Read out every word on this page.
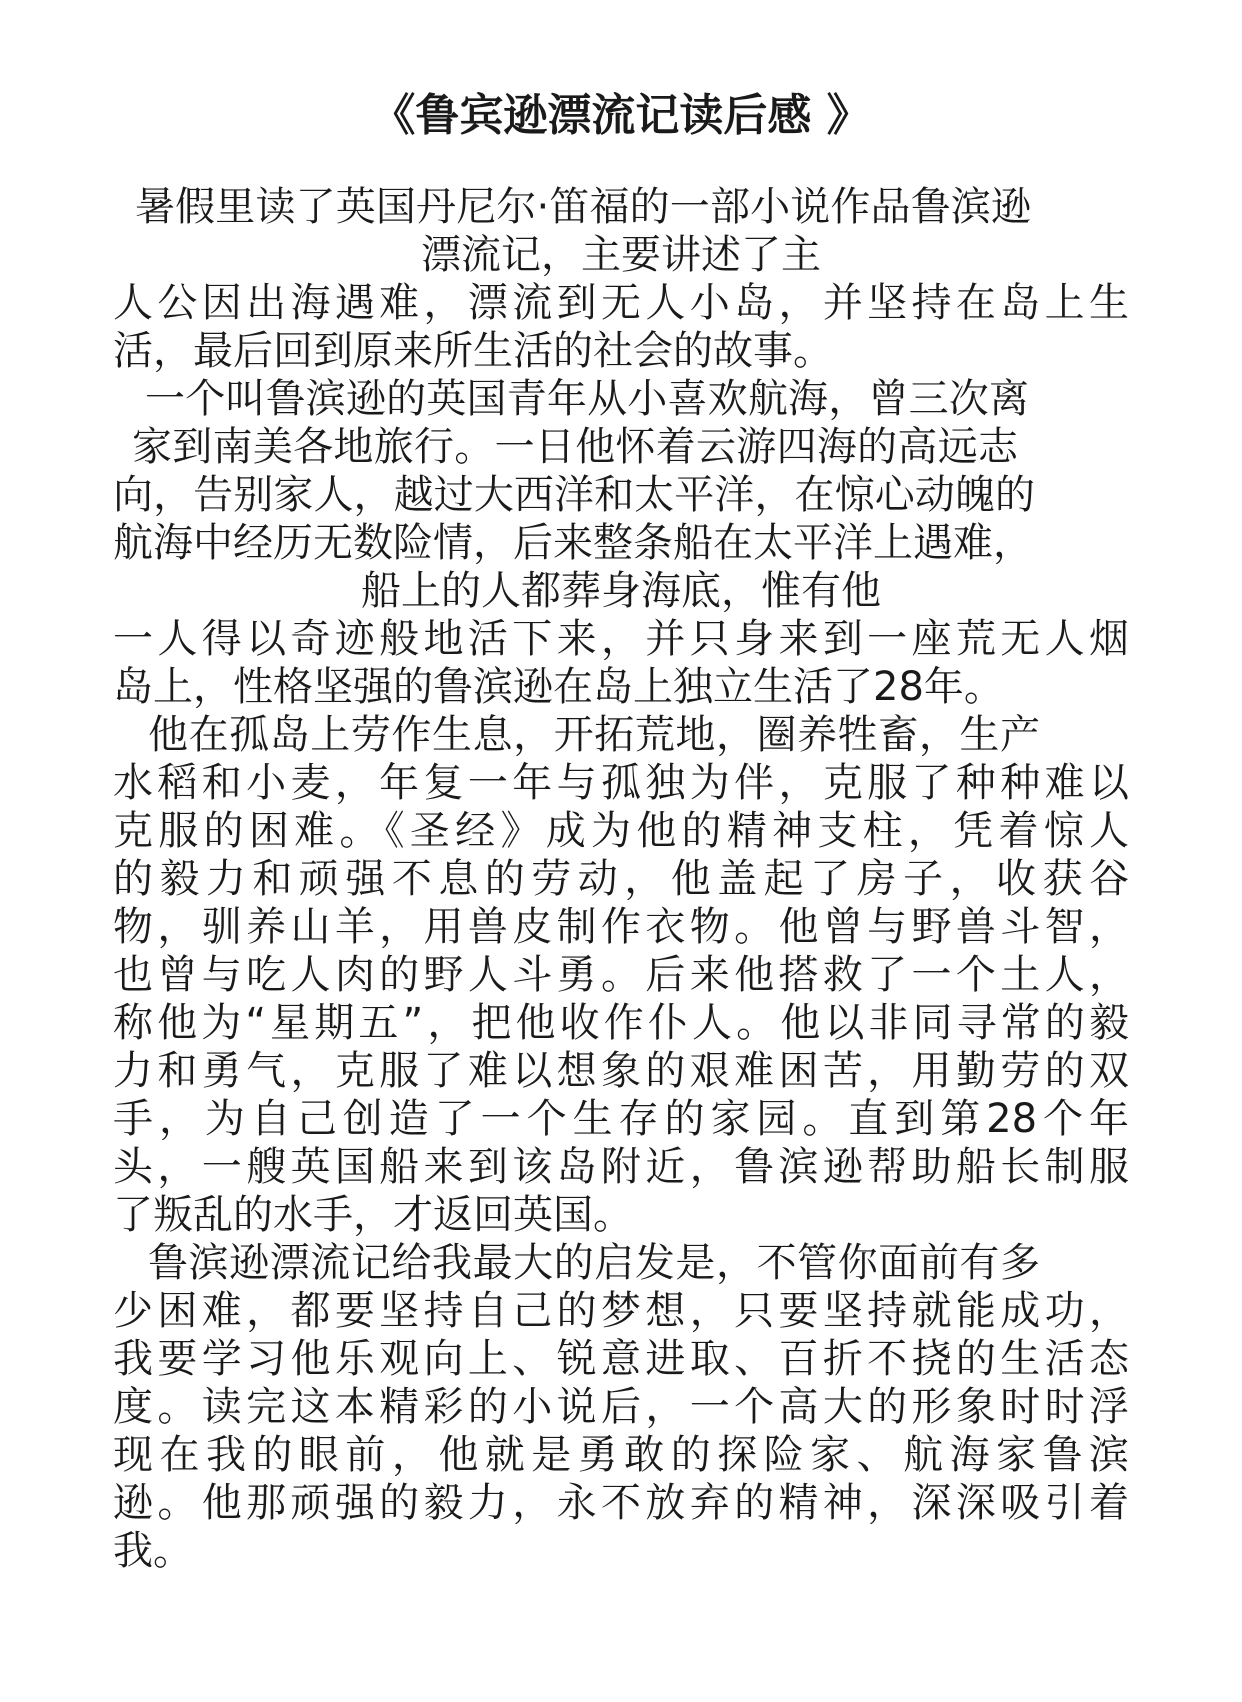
《鲁宾逊漂流记读后感 》

暑假里读了英国丹尼尔·笛福的一部小说作品鲁滨逊

漂流记，主要讲述了主

人公因出海遇难，漂流到无人小岛，并坚持在岛上生

活，最后回到原来所生活的社会的故事。

一个叫鲁滨逊的英国青年从小喜欢航海，曾三次离

家到南美各地旅行。一日他怀着云游四海的高远志

向，告别家人，越过大西洋和太平洋，在惊心动魄的

航海中经历无数险情，后来整条船在太平洋上遇难，

船上的人都葬身海底，惟有他

一人得以奇迹般地活下来，并只身来到一座荒无人烟

岛上，性格坚强的鲁滨逊在岛上独立生活了28年。

他在孤岛上劳作生息，开拓荒地，圈养牲畜，生产

水稻和小麦，年复一年与孤独为伴，克服了种种难以

克服的困难。《圣经》成为他的精神支柱，凭着惊人

的毅力和顽强不息的劳动，他盖起了房子，收获谷

物，驯养山羊，用兽皮制作衣物。他曾与野兽斗智，

也曾与吃人肉的野人斗勇。后来他搭救了一个土人，

称他为“星期五”，把他收作仆人。他以非同寻常的毅

力和勇气，克服了难以想象的艰难困苦，用勤劳的双

手，为自己创造了一个生存的家园。直到第28个年

头，一艘英国船来到该岛附近，鲁滨逊帮助船长制服

了叛乱的水手，才返回英国。

鲁滨逊漂流记给我最大的启发是，不管你面前有多

少困难，都要坚持自己的梦想，只要坚持就能成功，

我要学习他乐观向上、锐意进取、百折不挠的生活态

度。读完这本精彩的小说后，一个高大的形象时时浮

现在我的眼前，他就是勇敢的探险家、航海家鲁滨

逊。他那顽强的毅力，永不放弃的精神，深深吸引着

我。
